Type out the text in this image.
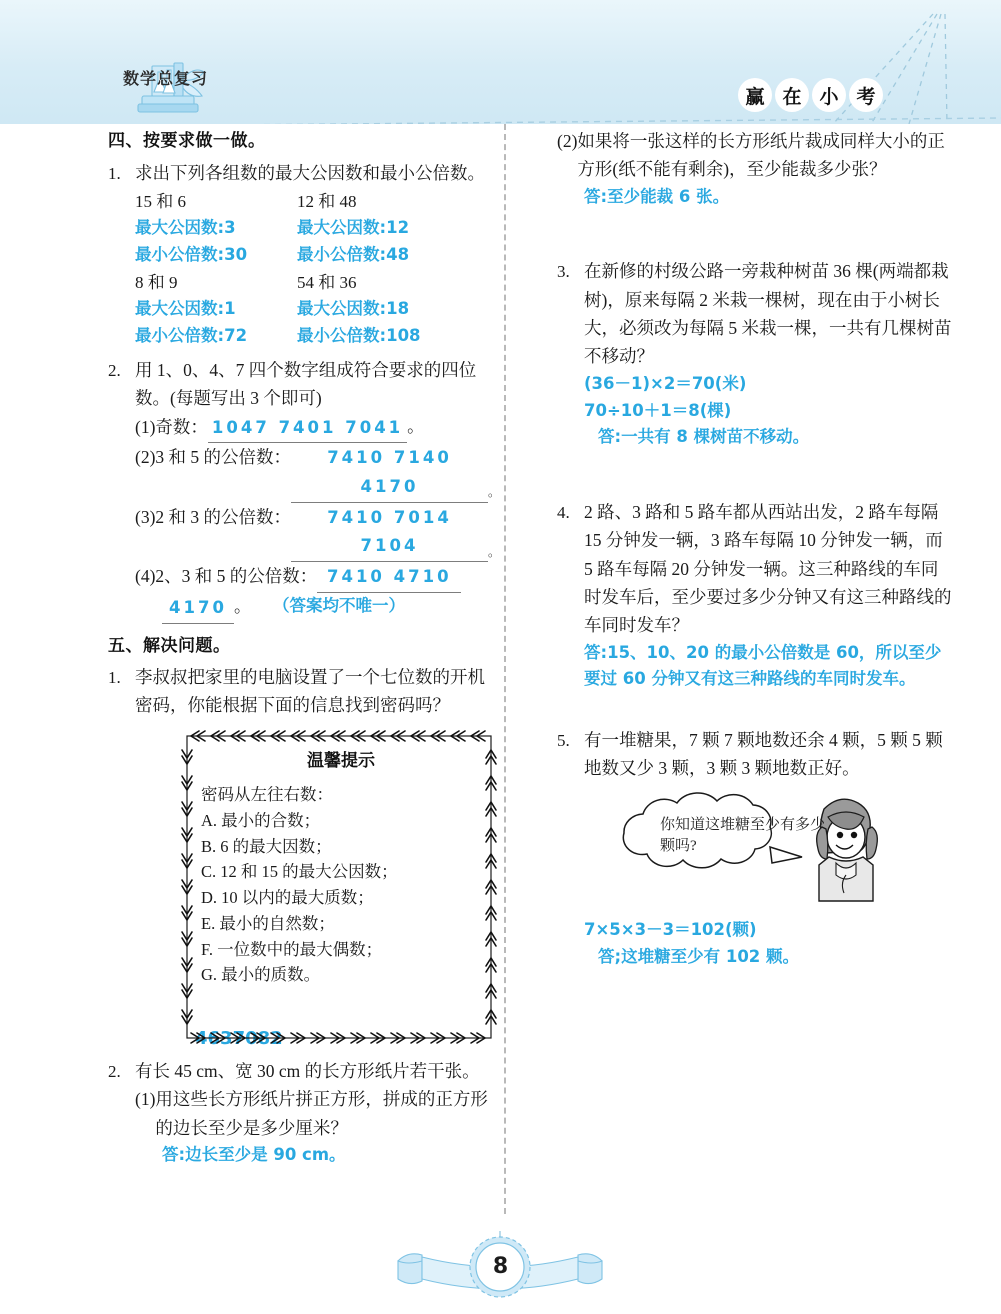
数学总复习
赢 在 小 考
四、按要求做一做。
1. 求出下列各组数的最大公因数和最小公倍数。

15 和 6	12 和 48
最大公因数:3	最大公因数:12
最小公倍数:30	最小公倍数:48
8 和 9	54 和 36
最大公因数:1	最大公因数:18
最小公倍数:72	最小公倍数:108
2. 用 1、0、4、7 四个数字组成符合要求的四位数。(每题写出 3 个即可)

(1)奇数： 1047 7401 7041 。
(2)3 和 5 的公倍数：	7410 7140 4170	。
(3)2 和 3 的公倍数：	7410 7014 7104	。
(4)2、3 和 5 的公倍数： 7410 4710
4170 。 （答案均不唯一）
五、解决问题。
1. 李叔叔把家里的电脑设置了一个七位数的开机密码，你能根据下面的信息找到密码吗？

温馨提示
密码从左往右数：
A. 最小的合数；
B. 6 的最大因数；
C. 12 和 15 的最大公因数；
D. 10 以内的最大质数；
E. 最小的自然数；
F. 一位数中的最大偶数；
G. 最小的质数。
4637082
2. 有长 45 cm、宽 30 cm 的长方形纸片若干张。

(1) 用这些长方形纸片拼正方形，拼成的正方形的边长至少是多少厘米？
答:边长至少是 90 cm。
(2) 如果将一张这样的长方形纸片裁成同样大小的正方形(纸不能有剩余)，至少能裁多少张？
答:至少能裁 6 张。
3. 在新修的村级公路一旁栽种树苗 36 棵(两端都栽树)，原来每隔 2 米栽一棵树，现在由于小树长大，必须改为每隔 5 米栽一棵，一共有几棵树苗不移动？

(36－1)×2＝70(米)
70÷10＋1＝8(棵)
答:一共有 8 棵树苗不移动。
4. 2 路、3 路和 5 路车都从西站出发，2 路车每隔 15 分钟发一辆，3 路车每隔 10 分钟发一辆，而 5 路车每隔 20 分钟发一辆。这三种路线的车同时发车后，至少要过多少分钟又有这三种路线的车同时发车？

答:15、10、20 的最小公倍数是 60，所以至少要过 60 分钟又有这三种路线的车同时发车。
5. 有一堆糖果，7 颗 7 颗地数还余 4 颗，5 颗 5 颗地数又少 3 颗，3 颗 3 颗地数正好。

你知道这堆糖至少有多少颗吗?
7×5×3－3＝102(颗)
答;这堆糖至少有 102 颗。
8
